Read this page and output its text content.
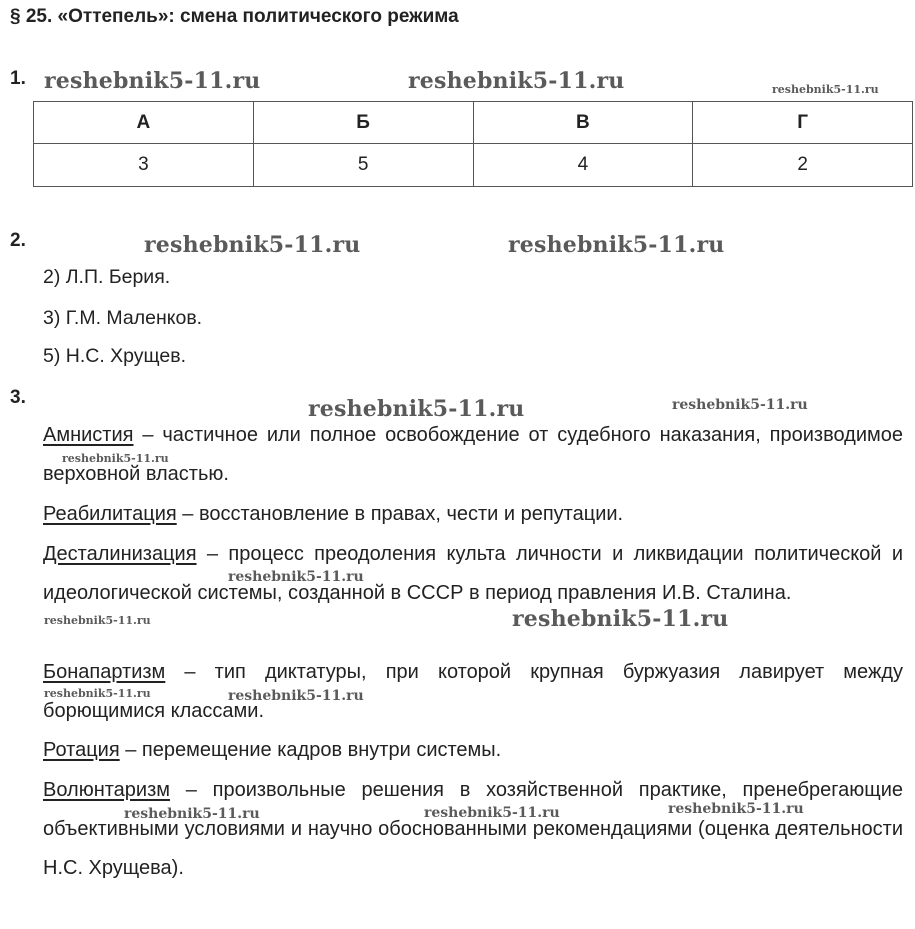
§ 25. «Оттепель»: смена политического режима
1.
2.
3.
reshebnik5-11.ru	reshebnik5-11.ru	reshebnik5-11.ru
reshebnik5-11.ru	reshebnik5-11.ru
reshebnik5-11.ru	reshebnik5-11.ru
reshebnik5-11.ru
reshebnik5-11.ru
reshebnik5-11.ru	reshebnik5-11.ru
reshebnik5-11.ru	reshebnik5-11.ru
reshebnik5-11.ru	reshebnik5-11.ru	reshebnik5-11.ru
А	Б	В	Г
3	5	4	2
2) Л.П. Берия.
3) Г.М. Маленков.
5) Н.С. Хрущев.
Амнистия – частичное или полное освобождение от судебного наказания, производимое верховной властью.
Реабилитация – восстановление в правах, чести и репутации.
Десталинизация – процесс преодоления культа личности и ликвидации политической и идеологической системы, созданной в СССР в период правления И.В. Сталина.
Бонапартизм – тип диктатуры, при которой крупная буржуазия лавирует между борющимися классами.
Ротация – перемещение кадров внутри системы.
Волюнтаризм – произвольные решения в хозяйственной практике, пренебрегающие объективными условиями и научно обоснованными рекомендациями (оценка деятельности Н.С. Хрущева).
